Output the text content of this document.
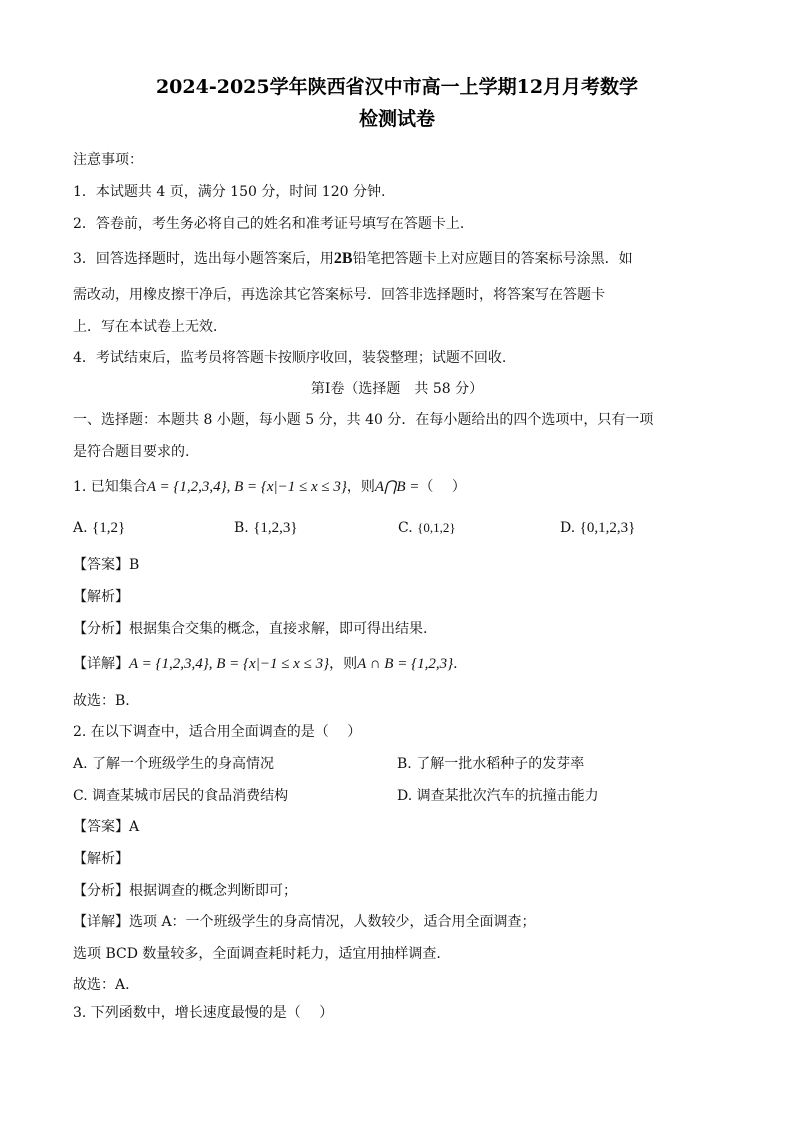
2024-2025学年陕西省汉中市高一上学期12月月考数学
检测试卷
注意事项：
1．本试题共 4 页，满分 150 分，时间 120 分钟.
2．答卷前，考生务必将自己的姓名和准考证号填写在答题卡上.
3．回答选择题时，选出每小题答案后，用2B铅笔把答题卡上对应题目的答案标号涂黑．如
需改动，用橡皮擦干净后，再选涂其它答案标号．回答非选择题时，将答案写在答题卡
上．写在本试卷上无效．
4．考试结束后，监考员将答题卡按顺序收回，装袋整理；试题不回收.
第Ⅰ卷（选择题　共 58 分）
一、选择题：本题共 8 小题，每小题 5 分，共 40 分．在每小题给出的四个选项中，只有一项
是符合题目要求的.
1. 已知集合A = {1,2,3,4}, B = {x|−1 ≤ x ≤ 3}，则A⋂B =（　 ）
A. {1,2}	B. {1,2,3}	C. {0,1,2}	D. {0,1,2,3}
【答案】B
【解析】
【分析】根据集合交集的概念，直接求解，即可得出结果.
【详解】A = {1,2,3,4}, B = {x|−1 ≤ x ≤ 3}，则A ∩ B = {1,2,3}.
故选：B.
2. 在以下调查中，适合用全面调查的是（　 ）
A. 了解一个班级学生的身高情况	B. 了解一批水稻种子的发芽率
C. 调查某城市居民的食品消费结构	D. 调查某批次汽车的抗撞击能力
【答案】A
【解析】
【分析】根据调查的概念判断即可；
【详解】选项 A：一个班级学生的身高情况，人数较少，适合用全面调查；
选项 BCD 数量较多，全面调查耗时耗力，适宜用抽样调查.
故选：A.
3. 下列函数中，增长速度最慢的是（　 ）
